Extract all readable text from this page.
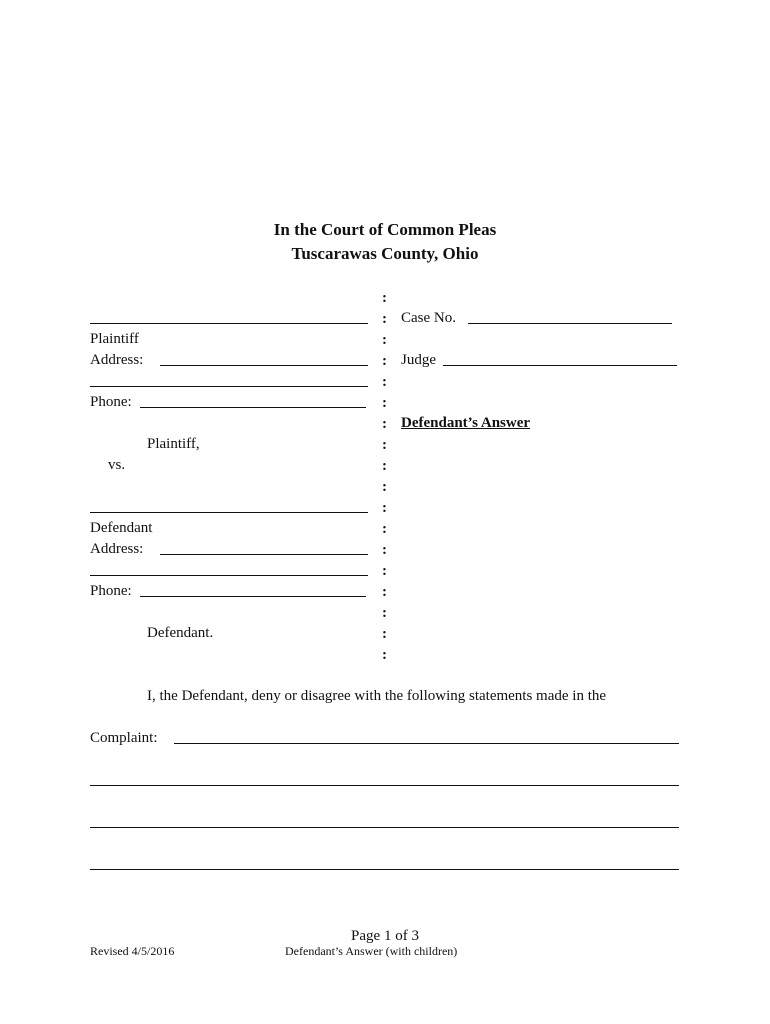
In the Court of Common Pleas
Tuscarawas County, Ohio
:
:
:
:
:
:
:
:
:
:
:
:
:
:
:
:
:
:
Plaintiff
Address:
Phone:
Plaintiff,
vs.
Defendant
Address:
Phone:
Defendant.
Case No.
Judge
Defendant’s Answer
I, the Defendant, deny or disagree with the following statements made in the
Complaint:
Page 1 of 3
Revised 4/5/2016	Defendant’s Answer (with children)
